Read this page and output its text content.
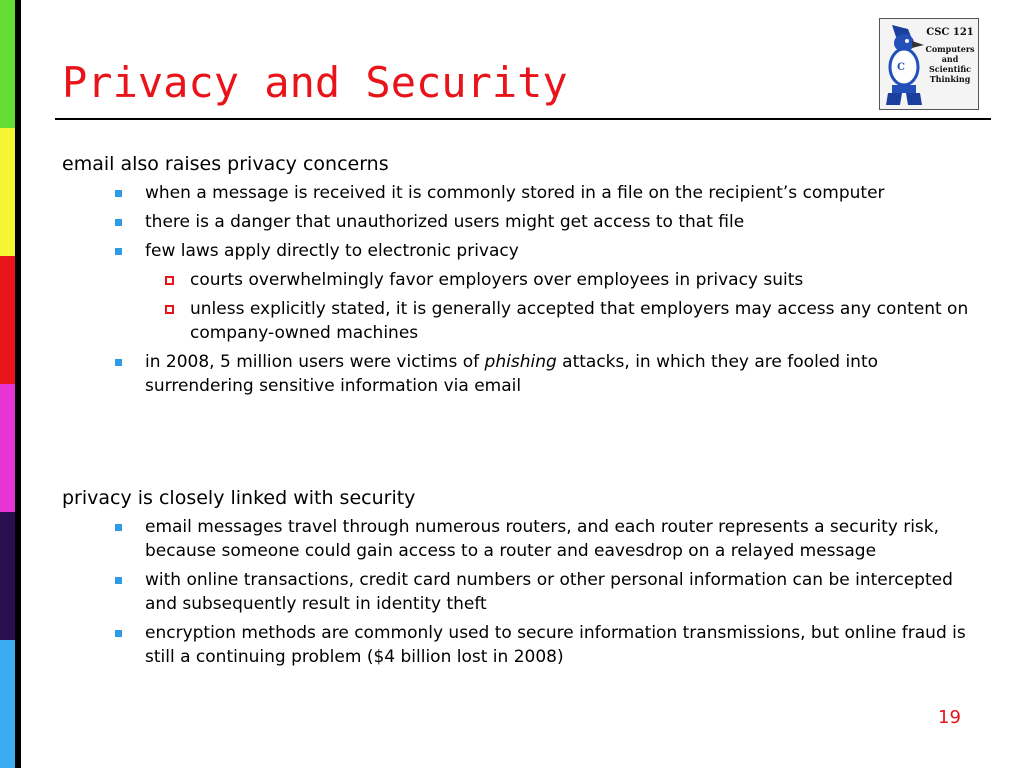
Privacy and Security	C
CSC 121
Computers
and
Scientific
Thinking

email also raises privacy concerns

when a message is received it is commonly stored in a file on the recipient’s computer
there is a danger that unauthorized users might get access to that file
few laws apply directly to electronic privacy
courts overwhelmingly favor employers over employees in privacy suits
unless explicitly stated, it is generally accepted that employers may access any content on company-owned machines
in 2008, 5 million users were victims of phishing attacks, in which they are fooled into surrendering sensitive information via email

privacy is closely linked with security

email messages travel through numerous routers, and each router represents a security risk, because someone could gain access to a router and eavesdrop on a relayed message
with online transactions, credit card numbers or other personal information can be intercepted and subsequently result in identity theft
encryption methods are commonly used to secure information transmissions, but online fraud is still a continuing problem ($4 billion lost in 2008)
19
